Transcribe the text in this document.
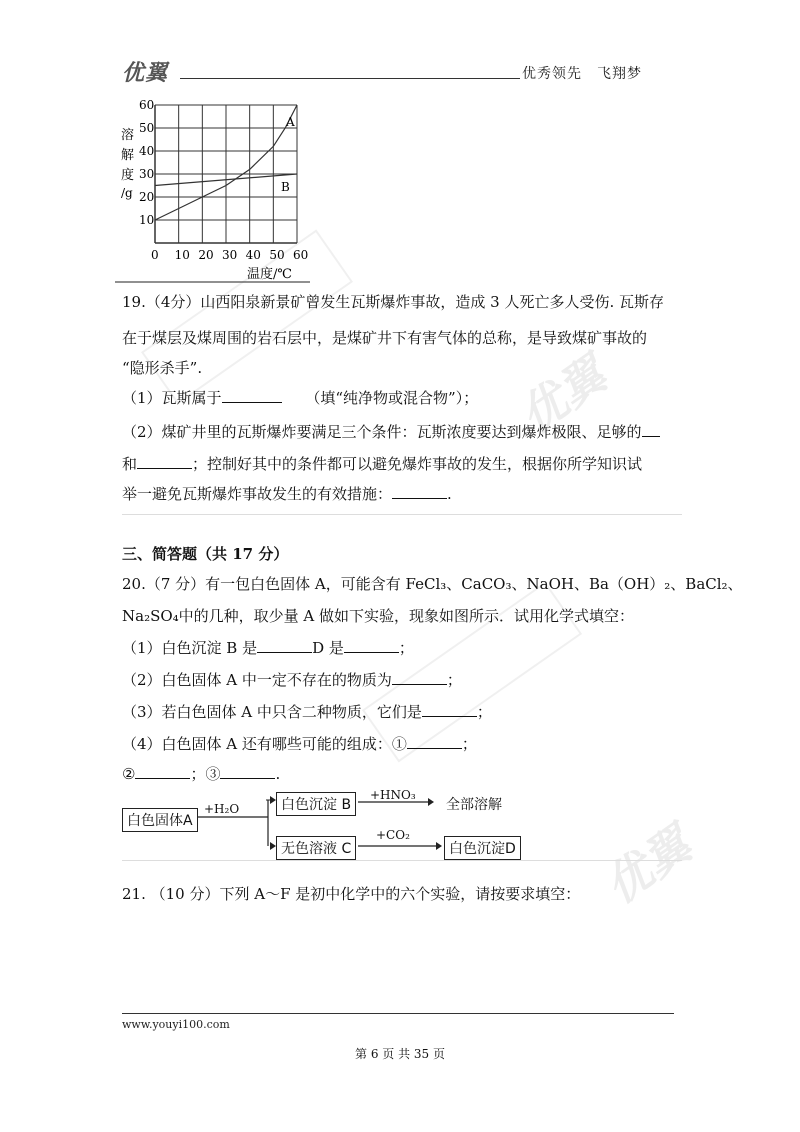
优翼
优翼
优翼	优秀领先　飞翔梦
溶
解
度
/g
60
50
40
30
20
10
0 10 20 30 40 50 60
A
B
温度/℃
19.（4分）山西阳泉新景矿曾发生瓦斯爆炸事故，造成 3 人死亡多人受伤. 瓦斯存
在于煤层及煤周围的岩石层中，是煤矿井下有害气体的总称，是导致煤矿事故的
“隐形杀手”.
（1）瓦斯属于	（填“纯净物或混合物”）；
（2）煤矿井里的瓦斯爆炸要满足三个条件：瓦斯浓度要达到爆炸极限、足够的
和	；控制好其中的条件都可以避免爆炸事故的发生，根据你所学知识试
举一避免瓦斯爆炸事故发生的有效措施：	.
三、简答题（共 17 分）
20.（7 分）有一包白色固体 A，可能含有 FeCl₃、CaCO₃、NaOH、Ba（OH）₂、BaCl₂、
Na₂SO₄中的几种，取少量 A 做如下实验，现象如图所示．试用化学式填空：
（1）白色沉淀 B 是	D 是	；
（2）白色固体 A 中一定不存在的物质为	；
（3）若白色固体 A 中只含二种物质，它们是	；
（4）白色固体 A 还有哪些可能的组成：①	；
②	；③	.
白色固体A
+H₂O	白色沉淀 B
+HNO₃
全部溶解
无色溶液 C
+CO₂
白色沉淀D
21. （10 分）下列 A～F 是初中化学中的六个实验，请按要求填空：
www.youyi100.com
第 6 页 共 35 页
